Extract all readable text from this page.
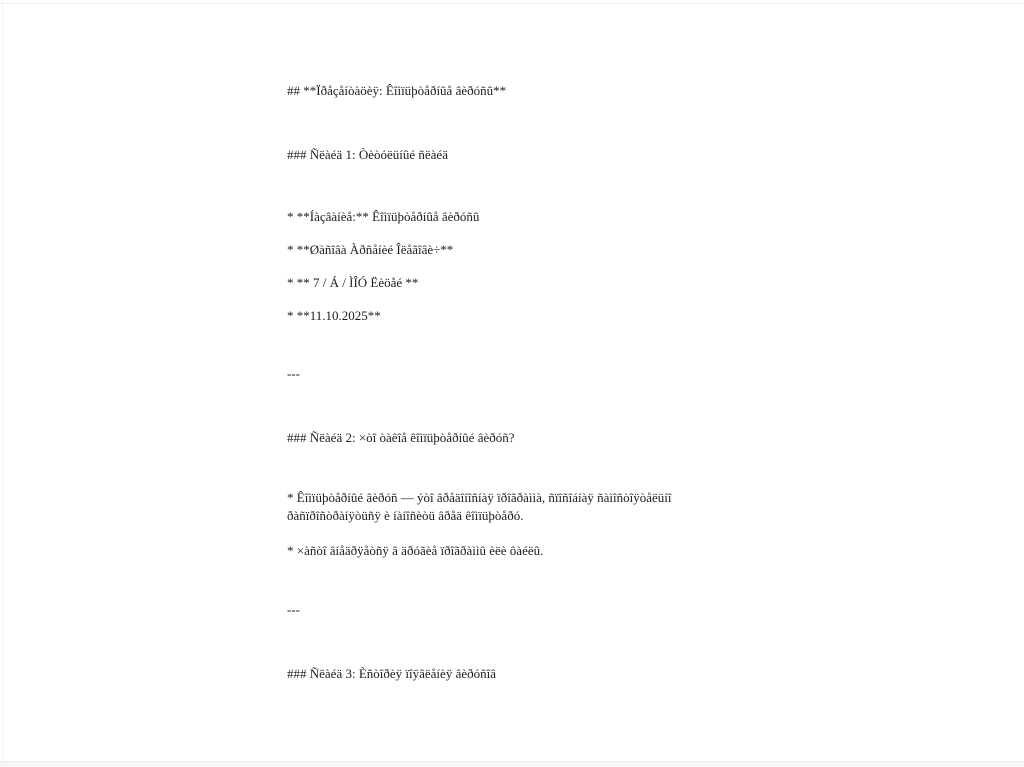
## **Ïðåçåíòàöèÿ: Êîìïüþòåðíûå âèðóñû**
### Ñëàéä 1: Òèòóëüíûé ñëàéä
* **Íàçâàíèå:** Êîìïüþòåðíûå âèðóñû
* **Øàñîâà Àðñåíèé Îëåãîâè÷**
* ** 7 / Á / ÌÎÓ Ëèöåé **
* **11.10.2025**
---
### Ñëàéä 2: ×òî òàêîå êîìïüþòåðíûé âèðóñ?
* Êîìïüþòåðíûé âèðóñ — ýòî âðåäîíîñíàÿ ïðîãðàììà, ñïîñîáíàÿ ñàìîñòîÿòåëüíî
ðàñïðîñòðàíÿòüñÿ è íàíîñèòü âðåä êîìïüþòåðó.
* ×àñòî âíåäðÿåòñÿ â äðóãèå ïðîãðàììû èëè ôàéëû.
---
### Ñëàéä 3: Èñòîðèÿ ïîÿâëåíèÿ âèðóñîâ
